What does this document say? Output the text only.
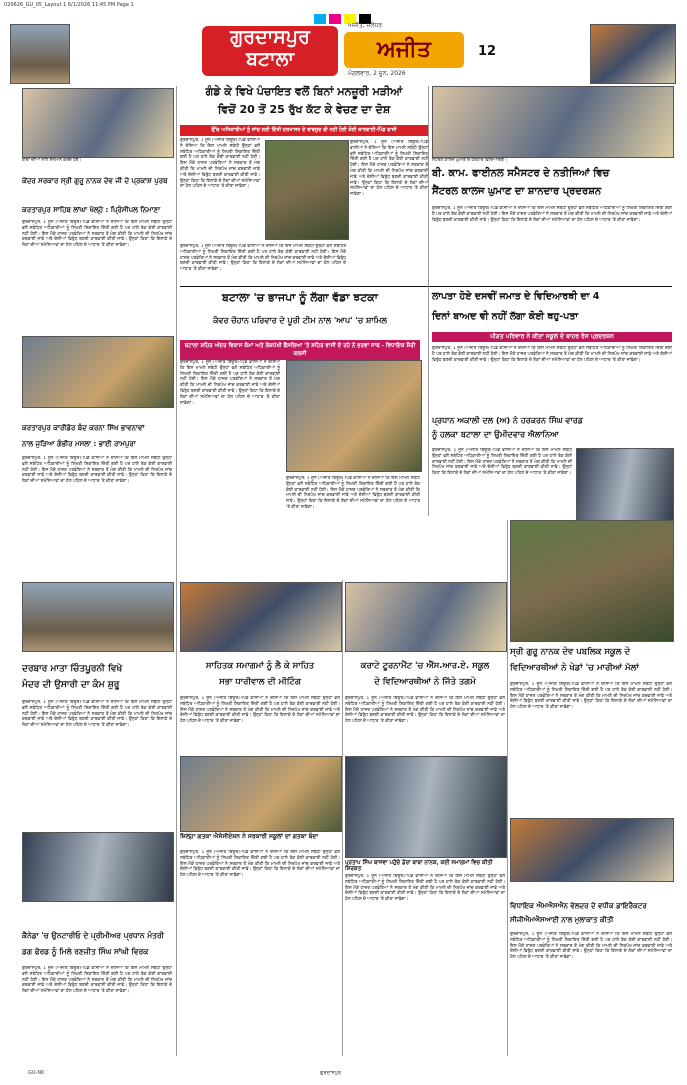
020626_GU_05_Layout 1 6/1/2026 11:45 PM Page 1
ਗੁਰਦਾਸਪੁਰ
ਬਟਾਲਾ
ਅਜੀਤ, ਜਲੰਧਰ
ਅਜੀਤ
ਮੰਗਲਵਾਰ, 2 ਜੂਨ, 2026
12
ਬਾਰਾਂ ਦੀਆਂ ਨਾਲ ਸਨਮਾਨ ਕਰਦੇ ਹੋਏ।
ਕੇਂਦਰ ਸਰਕਾਰ ਸ੍ਰੀ ਗੁਰੂ ਨਾਨਕ ਦੇਵ ਜੀ ਦੇ ਪ੍ਰਕਾਸ਼ ਪੁਰਬ
ਕਰਤਾਰਪੁਰ ਸਾਹਿਬ ਲਾਂਘਾ ਖੋਲ੍ਹੇ : ਪ੍ਰਿੰਸੀਪਲ ਨਿਮਾਣਾ
ਗੁਰਦਾਸਪੁਰ, 1 ਜੂਨ (ਅਜੀਤ ਬਿਊਰੋ)-ਪਿੰਡ ਵਾਸੀਆਂ ਨੇ ਦੱਸਿਆ ਕਿ ਇਸ ਮਾਮਲੇ ਸਬੰਧੀ ਉਨ੍ਹਾਂ ਵਲੋਂ ਸਬੰਧਿਤ ਅਧਿਕਾਰੀਆਂ ਨੂੰ ਲਿਖਤੀ ਸ਼ਿਕਾਇਤ ਦਿੱਤੀ ਗਈ ਹੈ ਪਰ ਹਾਲੇ ਤੱਕ ਕੋਈ ਕਾਰਵਾਈ ਨਹੀਂ ਹੋਈ। ਇਸ ਮੌਕੇ ਹਾਜ਼ਰ ਪਤਵੰਤਿਆਂ ਨੇ ਸਰਕਾਰ ਤੋਂ ਮੰਗ ਕੀਤੀ ਕਿ ਮਾਮਲੇ ਦੀ ਨਿਰਪੱਖ ਜਾਂਚ ਕਰਵਾਈ ਜਾਵੇ ਅਤੇ ਦੋਸ਼ੀਆਂ ਵਿਰੁੱਧ ਬਣਦੀ ਕਾਰਵਾਈ ਕੀਤੀ ਜਾਵੇ। ਉਨ੍ਹਾਂ ਕਿਹਾ ਕਿ ਇਲਾਕੇ ਦੇ ਲੋਕਾਂ ਦੀਆਂ ਸਮੱਸਿਆਵਾਂ ਦਾ ਹੱਲ ਪਹਿਲ ਦੇ ਆਧਾਰ 'ਤੇ ਕੀਤਾ ਜਾਵੇਗਾ।
ਗੰਡੇ ਕੇ ਵਿਖੇ ਪੰਚਾਇਤ ਵਲੋਂ ਬਿਨਾਂ ਮਨਜ਼ੂਰੀ ਮੜੀਆਂ
ਵਿਚੋਂ 20 ਤੋਂ 25 ਰੁੱਖ ਕੱਟ ਕੇ ਵੇਚਣ ਦਾ ਦੋਸ਼
ਉੱਚ ਅਧਿਕਾਰੀਆਂ ਨੂੰ ਜਾਂਚ ਲਈ ਦਿੱਤੀ ਦਰਖਾਸਤ ਦੇ ਬਾਵਜੂਦ ਵੀ ਨਹੀਂ ਹੋਈ ਕੋਈ ਕਾਰਵਾਈ-ਪਿੰਡ ਵਾਸੀ
ਗੁਰਦਾਸਪੁਰ, 1 ਜੂਨ (ਅਜੀਤ ਬਿਊਰੋ)-ਪਿੰਡ ਵਾਸੀਆਂ ਨੇ ਦੱਸਿਆ ਕਿ ਇਸ ਮਾਮਲੇ ਸਬੰਧੀ ਉਨ੍ਹਾਂ ਵਲੋਂ ਸਬੰਧਿਤ ਅਧਿਕਾਰੀਆਂ ਨੂੰ ਲਿਖਤੀ ਸ਼ਿਕਾਇਤ ਦਿੱਤੀ ਗਈ ਹੈ ਪਰ ਹਾਲੇ ਤੱਕ ਕੋਈ ਕਾਰਵਾਈ ਨਹੀਂ ਹੋਈ। ਇਸ ਮੌਕੇ ਹਾਜ਼ਰ ਪਤਵੰਤਿਆਂ ਨੇ ਸਰਕਾਰ ਤੋਂ ਮੰਗ ਕੀਤੀ ਕਿ ਮਾਮਲੇ ਦੀ ਨਿਰਪੱਖ ਜਾਂਚ ਕਰਵਾਈ ਜਾਵੇ ਅਤੇ ਦੋਸ਼ੀਆਂ ਵਿਰੁੱਧ ਬਣਦੀ ਕਾਰਵਾਈ ਕੀਤੀ ਜਾਵੇ। ਉਨ੍ਹਾਂ ਕਿਹਾ ਕਿ ਇਲਾਕੇ ਦੇ ਲੋਕਾਂ ਦੀਆਂ ਸਮੱਸਿਆਵਾਂ ਦਾ ਹੱਲ ਪਹਿਲ ਦੇ ਆਧਾਰ 'ਤੇ ਕੀਤਾ ਜਾਵੇਗਾ।
ਗੁਰਦਾਸਪੁਰ, 1 ਜੂਨ (ਅਜੀਤ ਬਿਊਰੋ)-ਪਿੰਡ ਵਾਸੀਆਂ ਨੇ ਦੱਸਿਆ ਕਿ ਇਸ ਮਾਮਲੇ ਸਬੰਧੀ ਉਨ੍ਹਾਂ ਵਲੋਂ ਸਬੰਧਿਤ ਅਧਿਕਾਰੀਆਂ ਨੂੰ ਲਿਖਤੀ ਸ਼ਿਕਾਇਤ ਦਿੱਤੀ ਗਈ ਹੈ ਪਰ ਹਾਲੇ ਤੱਕ ਕੋਈ ਕਾਰਵਾਈ ਨਹੀਂ ਹੋਈ। ਇਸ ਮੌਕੇ ਹਾਜ਼ਰ ਪਤਵੰਤਿਆਂ ਨੇ ਸਰਕਾਰ ਤੋਂ ਮੰਗ ਕੀਤੀ ਕਿ ਮਾਮਲੇ ਦੀ ਨਿਰਪੱਖ ਜਾਂਚ ਕਰਵਾਈ ਜਾਵੇ ਅਤੇ ਦੋਸ਼ੀਆਂ ਵਿਰੁੱਧ ਬਣਦੀ ਕਾਰਵਾਈ ਕੀਤੀ ਜਾਵੇ। ਉਨ੍ਹਾਂ ਕਿਹਾ ਕਿ ਇਲਾਕੇ ਦੇ ਲੋਕਾਂ ਦੀਆਂ ਸਮੱਸਿਆਵਾਂ ਦਾ ਹੱਲ ਪਹਿਲ ਦੇ ਆਧਾਰ 'ਤੇ ਕੀਤਾ ਜਾਵੇਗਾ।
ਗੁਰਦਾਸਪੁਰ, 1 ਜੂਨ (ਅਜੀਤ ਬਿਊਰੋ)-ਪਿੰਡ ਵਾਸੀਆਂ ਨੇ ਦੱਸਿਆ ਕਿ ਇਸ ਮਾਮਲੇ ਸਬੰਧੀ ਉਨ੍ਹਾਂ ਵਲੋਂ ਸਬੰਧਿਤ ਅਧਿਕਾਰੀਆਂ ਨੂੰ ਲਿਖਤੀ ਸ਼ਿਕਾਇਤ ਦਿੱਤੀ ਗਈ ਹੈ ਪਰ ਹਾਲੇ ਤੱਕ ਕੋਈ ਕਾਰਵਾਈ ਨਹੀਂ ਹੋਈ। ਇਸ ਮੌਕੇ ਹਾਜ਼ਰ ਪਤਵੰਤਿਆਂ ਨੇ ਸਰਕਾਰ ਤੋਂ ਮੰਗ ਕੀਤੀ ਕਿ ਮਾਮਲੇ ਦੀ ਨਿਰਪੱਖ ਜਾਂਚ ਕਰਵਾਈ ਜਾਵੇ ਅਤੇ ਦੋਸ਼ੀਆਂ ਵਿਰੁੱਧ ਬਣਦੀ ਕਾਰਵਾਈ ਕੀਤੀ ਜਾਵੇ। ਉਨ੍ਹਾਂ ਕਿਹਾ ਕਿ ਇਲਾਕੇ ਦੇ ਲੋਕਾਂ ਦੀਆਂ ਸਮੱਸਿਆਵਾਂ ਦਾ ਹੱਲ ਪਹਿਲ ਦੇ ਆਧਾਰ 'ਤੇ ਕੀਤਾ ਜਾਵੇਗਾ।
ਸੈਂਟਰਲ ਕਾਲਜ ਘੁਮਾਣ ਦੇ ਹੋਣਹਾਰ ਵਿਦਿਆਰਥੀ।
ਬੀ. ਕਾਮ. ਫਾਈਨਲ ਸਮੈਸਟਰ ਦੇ ਨਤੀਜਿਆਂ ਵਿਚ
ਸੈਂਟਰਲ ਕਾਲਜ ਘੁਮਾਣ ਦਾ ਸ਼ਾਨਦਾਰ ਪ੍ਰਦਰਸ਼ਨ
ਗੁਰਦਾਸਪੁਰ, 1 ਜੂਨ (ਅਜੀਤ ਬਿਊਰੋ)-ਪਿੰਡ ਵਾਸੀਆਂ ਨੇ ਦੱਸਿਆ ਕਿ ਇਸ ਮਾਮਲੇ ਸਬੰਧੀ ਉਨ੍ਹਾਂ ਵਲੋਂ ਸਬੰਧਿਤ ਅਧਿਕਾਰੀਆਂ ਨੂੰ ਲਿਖਤੀ ਸ਼ਿਕਾਇਤ ਦਿੱਤੀ ਗਈ ਹੈ ਪਰ ਹਾਲੇ ਤੱਕ ਕੋਈ ਕਾਰਵਾਈ ਨਹੀਂ ਹੋਈ। ਇਸ ਮੌਕੇ ਹਾਜ਼ਰ ਪਤਵੰਤਿਆਂ ਨੇ ਸਰਕਾਰ ਤੋਂ ਮੰਗ ਕੀਤੀ ਕਿ ਮਾਮਲੇ ਦੀ ਨਿਰਪੱਖ ਜਾਂਚ ਕਰਵਾਈ ਜਾਵੇ ਅਤੇ ਦੋਸ਼ੀਆਂ ਵਿਰੁੱਧ ਬਣਦੀ ਕਾਰਵਾਈ ਕੀਤੀ ਜਾਵੇ। ਉਨ੍ਹਾਂ ਕਿਹਾ ਕਿ ਇਲਾਕੇ ਦੇ ਲੋਕਾਂ ਦੀਆਂ ਸਮੱਸਿਆਵਾਂ ਦਾ ਹੱਲ ਪਹਿਲ ਦੇ ਆਧਾਰ 'ਤੇ ਕੀਤਾ ਜਾਵੇਗਾ।
ਬਟਾਲਾ 'ਚ ਭਾਜਪਾ ਨੂੰ ਲੱਗਾ ਵੱਡਾ ਝਟਕਾ
ਕੰਵਰ ਚੌਹਾਨ ਪਰਿਵਾਰ ਦੇ ਪੂਰੀ ਟੀਮ ਨਾਲ 'ਆਪ' 'ਚ ਸ਼ਾਮਿਲ
ਬਟਾਲਾ ਸ਼ਹਿਰ ਅੰਦਰ ਵਿਕਾਸ ਕੰਮਾਂ ਅਤੇ ਲੋਕਪੱਖੀ ਫੈਸਲਿਆਂ 'ਤੇ ਸ਼ਹਿਰ ਵਾਸੀ ਦੇ ਰਹੇ ਨੇ ਭਰਵਾਂ ਸਾਥ - ਵਿਧਾਇਕ ਸ਼ੈਰੀ ਕਲਸੀ
ਗੁਰਦਾਸਪੁਰ, 1 ਜੂਨ (ਅਜੀਤ ਬਿਊਰੋ)-ਪਿੰਡ ਵਾਸੀਆਂ ਨੇ ਦੱਸਿਆ ਕਿ ਇਸ ਮਾਮਲੇ ਸਬੰਧੀ ਉਨ੍ਹਾਂ ਵਲੋਂ ਸਬੰਧਿਤ ਅਧਿਕਾਰੀਆਂ ਨੂੰ ਲਿਖਤੀ ਸ਼ਿਕਾਇਤ ਦਿੱਤੀ ਗਈ ਹੈ ਪਰ ਹਾਲੇ ਤੱਕ ਕੋਈ ਕਾਰਵਾਈ ਨਹੀਂ ਹੋਈ। ਇਸ ਮੌਕੇ ਹਾਜ਼ਰ ਪਤਵੰਤਿਆਂ ਨੇ ਸਰਕਾਰ ਤੋਂ ਮੰਗ ਕੀਤੀ ਕਿ ਮਾਮਲੇ ਦੀ ਨਿਰਪੱਖ ਜਾਂਚ ਕਰਵਾਈ ਜਾਵੇ ਅਤੇ ਦੋਸ਼ੀਆਂ ਵਿਰੁੱਧ ਬਣਦੀ ਕਾਰਵਾਈ ਕੀਤੀ ਜਾਵੇ। ਉਨ੍ਹਾਂ ਕਿਹਾ ਕਿ ਇਲਾਕੇ ਦੇ ਲੋਕਾਂ ਦੀਆਂ ਸਮੱਸਿਆਵਾਂ ਦਾ ਹੱਲ ਪਹਿਲ ਦੇ ਆਧਾਰ 'ਤੇ ਕੀਤਾ ਜਾਵੇਗਾ।
ਗੁਰਦਾਸਪੁਰ, 1 ਜੂਨ (ਅਜੀਤ ਬਿਊਰੋ)-ਪਿੰਡ ਵਾਸੀਆਂ ਨੇ ਦੱਸਿਆ ਕਿ ਇਸ ਮਾਮਲੇ ਸਬੰਧੀ ਉਨ੍ਹਾਂ ਵਲੋਂ ਸਬੰਧਿਤ ਅਧਿਕਾਰੀਆਂ ਨੂੰ ਲਿਖਤੀ ਸ਼ਿਕਾਇਤ ਦਿੱਤੀ ਗਈ ਹੈ ਪਰ ਹਾਲੇ ਤੱਕ ਕੋਈ ਕਾਰਵਾਈ ਨਹੀਂ ਹੋਈ। ਇਸ ਮੌਕੇ ਹਾਜ਼ਰ ਪਤਵੰਤਿਆਂ ਨੇ ਸਰਕਾਰ ਤੋਂ ਮੰਗ ਕੀਤੀ ਕਿ ਮਾਮਲੇ ਦੀ ਨਿਰਪੱਖ ਜਾਂਚ ਕਰਵਾਈ ਜਾਵੇ ਅਤੇ ਦੋਸ਼ੀਆਂ ਵਿਰੁੱਧ ਬਣਦੀ ਕਾਰਵਾਈ ਕੀਤੀ ਜਾਵੇ। ਉਨ੍ਹਾਂ ਕਿਹਾ ਕਿ ਇਲਾਕੇ ਦੇ ਲੋਕਾਂ ਦੀਆਂ ਸਮੱਸਿਆਵਾਂ ਦਾ ਹੱਲ ਪਹਿਲ ਦੇ ਆਧਾਰ 'ਤੇ ਕੀਤਾ ਜਾਵੇਗਾ।
ਲਾਪਤਾ ਹੋਏ ਦਸਵੀਂ ਜਮਾਤ ਦੇ ਵਿਦਿਆਰਥੀ ਦਾ 4
ਦਿਨਾਂ ਬਾਅਦ ਵੀ ਨਹੀਂ ਲੱਗਾ ਕੋਈ ਥਹੁ-ਪਤਾ
ਪੀੜਤ ਪਰਿਵਾਰ ਨੇ ਕੀਤਾ ਸਕੂਲ ਦੇ ਬਾਹਰ ਰੋਸ ਪ੍ਰਦਰਸ਼ਨ
ਗੁਰਦਾਸਪੁਰ, 1 ਜੂਨ (ਅਜੀਤ ਬਿਊਰੋ)-ਪਿੰਡ ਵਾਸੀਆਂ ਨੇ ਦੱਸਿਆ ਕਿ ਇਸ ਮਾਮਲੇ ਸਬੰਧੀ ਉਨ੍ਹਾਂ ਵਲੋਂ ਸਬੰਧਿਤ ਅਧਿਕਾਰੀਆਂ ਨੂੰ ਲਿਖਤੀ ਸ਼ਿਕਾਇਤ ਦਿੱਤੀ ਗਈ ਹੈ ਪਰ ਹਾਲੇ ਤੱਕ ਕੋਈ ਕਾਰਵਾਈ ਨਹੀਂ ਹੋਈ। ਇਸ ਮੌਕੇ ਹਾਜ਼ਰ ਪਤਵੰਤਿਆਂ ਨੇ ਸਰਕਾਰ ਤੋਂ ਮੰਗ ਕੀਤੀ ਕਿ ਮਾਮਲੇ ਦੀ ਨਿਰਪੱਖ ਜਾਂਚ ਕਰਵਾਈ ਜਾਵੇ ਅਤੇ ਦੋਸ਼ੀਆਂ ਵਿਰੁੱਧ ਬਣਦੀ ਕਾਰਵਾਈ ਕੀਤੀ ਜਾਵੇ। ਉਨ੍ਹਾਂ ਕਿਹਾ ਕਿ ਇਲਾਕੇ ਦੇ ਲੋਕਾਂ ਦੀਆਂ ਸਮੱਸਿਆਵਾਂ ਦਾ ਹੱਲ ਪਹਿਲ ਦੇ ਆਧਾਰ 'ਤੇ ਕੀਤਾ ਜਾਵੇਗਾ।
ਪ੍ਰਧਾਨ ਅਕਾਲੀ ਦਲ (ਅ) ਨੇ ਹਰਕਰਨ ਸਿੰਘ ਵਾਰਡ
ਨੂੰ ਹਲਕਾ ਬਟਾਲਾ ਦਾ ਉਮੀਦਵਾਰ ਐਲਾਨਿਆ
ਗੁਰਦਾਸਪੁਰ, 1 ਜੂਨ (ਅਜੀਤ ਬਿਊਰੋ)-ਪਿੰਡ ਵਾਸੀਆਂ ਨੇ ਦੱਸਿਆ ਕਿ ਇਸ ਮਾਮਲੇ ਸਬੰਧੀ ਉਨ੍ਹਾਂ ਵਲੋਂ ਸਬੰਧਿਤ ਅਧਿਕਾਰੀਆਂ ਨੂੰ ਲਿਖਤੀ ਸ਼ਿਕਾਇਤ ਦਿੱਤੀ ਗਈ ਹੈ ਪਰ ਹਾਲੇ ਤੱਕ ਕੋਈ ਕਾਰਵਾਈ ਨਹੀਂ ਹੋਈ। ਇਸ ਮੌਕੇ ਹਾਜ਼ਰ ਪਤਵੰਤਿਆਂ ਨੇ ਸਰਕਾਰ ਤੋਂ ਮੰਗ ਕੀਤੀ ਕਿ ਮਾਮਲੇ ਦੀ ਨਿਰਪੱਖ ਜਾਂਚ ਕਰਵਾਈ ਜਾਵੇ ਅਤੇ ਦੋਸ਼ੀਆਂ ਵਿਰੁੱਧ ਬਣਦੀ ਕਾਰਵਾਈ ਕੀਤੀ ਜਾਵੇ। ਉਨ੍ਹਾਂ ਕਿਹਾ ਕਿ ਇਲਾਕੇ ਦੇ ਲੋਕਾਂ ਦੀਆਂ ਸਮੱਸਿਆਵਾਂ ਦਾ ਹੱਲ ਪਹਿਲ ਦੇ ਆਧਾਰ 'ਤੇ ਕੀਤਾ ਜਾਵੇਗਾ।
ਕਰਤਾਰਪੁਰ ਕਾਰੀਡੋਰ ਬੰਦ ਕਰਨਾ ਸਿੱਖ ਭਾਵਨਾਵਾਂ
ਨਾਲ ਜੁੜਿਆ ਗੰਭੀਰ ਮਸਲਾ : ਭਾਈ ਰਾਮਪੁਰਾ
ਗੁਰਦਾਸਪੁਰ, 1 ਜੂਨ (ਅਜੀਤ ਬਿਊਰੋ)-ਪਿੰਡ ਵਾਸੀਆਂ ਨੇ ਦੱਸਿਆ ਕਿ ਇਸ ਮਾਮਲੇ ਸਬੰਧੀ ਉਨ੍ਹਾਂ ਵਲੋਂ ਸਬੰਧਿਤ ਅਧਿਕਾਰੀਆਂ ਨੂੰ ਲਿਖਤੀ ਸ਼ਿਕਾਇਤ ਦਿੱਤੀ ਗਈ ਹੈ ਪਰ ਹਾਲੇ ਤੱਕ ਕੋਈ ਕਾਰਵਾਈ ਨਹੀਂ ਹੋਈ। ਇਸ ਮੌਕੇ ਹਾਜ਼ਰ ਪਤਵੰਤਿਆਂ ਨੇ ਸਰਕਾਰ ਤੋਂ ਮੰਗ ਕੀਤੀ ਕਿ ਮਾਮਲੇ ਦੀ ਨਿਰਪੱਖ ਜਾਂਚ ਕਰਵਾਈ ਜਾਵੇ ਅਤੇ ਦੋਸ਼ੀਆਂ ਵਿਰੁੱਧ ਬਣਦੀ ਕਾਰਵਾਈ ਕੀਤੀ ਜਾਵੇ। ਉਨ੍ਹਾਂ ਕਿਹਾ ਕਿ ਇਲਾਕੇ ਦੇ ਲੋਕਾਂ ਦੀਆਂ ਸਮੱਸਿਆਵਾਂ ਦਾ ਹੱਲ ਪਹਿਲ ਦੇ ਆਧਾਰ 'ਤੇ ਕੀਤਾ ਜਾਵੇਗਾ।
ਦਰਬਾਰ ਮਾਤਾ ਚਿੰਤਪੂਰਨੀ ਵਿਖੇ
ਮੰਦਰ ਦੀ ਉਸਾਰੀ ਦਾ ਕੰਮ ਸ਼ੁਰੂ
ਗੁਰਦਾਸਪੁਰ, 1 ਜੂਨ (ਅਜੀਤ ਬਿਊਰੋ)-ਪਿੰਡ ਵਾਸੀਆਂ ਨੇ ਦੱਸਿਆ ਕਿ ਇਸ ਮਾਮਲੇ ਸਬੰਧੀ ਉਨ੍ਹਾਂ ਵਲੋਂ ਸਬੰਧਿਤ ਅਧਿਕਾਰੀਆਂ ਨੂੰ ਲਿਖਤੀ ਸ਼ਿਕਾਇਤ ਦਿੱਤੀ ਗਈ ਹੈ ਪਰ ਹਾਲੇ ਤੱਕ ਕੋਈ ਕਾਰਵਾਈ ਨਹੀਂ ਹੋਈ। ਇਸ ਮੌਕੇ ਹਾਜ਼ਰ ਪਤਵੰਤਿਆਂ ਨੇ ਸਰਕਾਰ ਤੋਂ ਮੰਗ ਕੀਤੀ ਕਿ ਮਾਮਲੇ ਦੀ ਨਿਰਪੱਖ ਜਾਂਚ ਕਰਵਾਈ ਜਾਵੇ ਅਤੇ ਦੋਸ਼ੀਆਂ ਵਿਰੁੱਧ ਬਣਦੀ ਕਾਰਵਾਈ ਕੀਤੀ ਜਾਵੇ। ਉਨ੍ਹਾਂ ਕਿਹਾ ਕਿ ਇਲਾਕੇ ਦੇ ਲੋਕਾਂ ਦੀਆਂ ਸਮੱਸਿਆਵਾਂ ਦਾ ਹੱਲ ਪਹਿਲ ਦੇ ਆਧਾਰ 'ਤੇ ਕੀਤਾ ਜਾਵੇਗਾ।
ਸਾਹਿਤਕ ਸਮਾਗਮਾਂ ਨੂੰ ਲੈ ਕੇ ਸਾਹਿਤ
ਸਭਾ ਧਾਰੀਵਾਲ ਦੀ ਮੀਟਿੰਗ
ਗੁਰਦਾਸਪੁਰ, 1 ਜੂਨ (ਅਜੀਤ ਬਿਊਰੋ)-ਪਿੰਡ ਵਾਸੀਆਂ ਨੇ ਦੱਸਿਆ ਕਿ ਇਸ ਮਾਮਲੇ ਸਬੰਧੀ ਉਨ੍ਹਾਂ ਵਲੋਂ ਸਬੰਧਿਤ ਅਧਿਕਾਰੀਆਂ ਨੂੰ ਲਿਖਤੀ ਸ਼ਿਕਾਇਤ ਦਿੱਤੀ ਗਈ ਹੈ ਪਰ ਹਾਲੇ ਤੱਕ ਕੋਈ ਕਾਰਵਾਈ ਨਹੀਂ ਹੋਈ। ਇਸ ਮੌਕੇ ਹਾਜ਼ਰ ਪਤਵੰਤਿਆਂ ਨੇ ਸਰਕਾਰ ਤੋਂ ਮੰਗ ਕੀਤੀ ਕਿ ਮਾਮਲੇ ਦੀ ਨਿਰਪੱਖ ਜਾਂਚ ਕਰਵਾਈ ਜਾਵੇ ਅਤੇ ਦੋਸ਼ੀਆਂ ਵਿਰੁੱਧ ਬਣਦੀ ਕਾਰਵਾਈ ਕੀਤੀ ਜਾਵੇ। ਉਨ੍ਹਾਂ ਕਿਹਾ ਕਿ ਇਲਾਕੇ ਦੇ ਲੋਕਾਂ ਦੀਆਂ ਸਮੱਸਿਆਵਾਂ ਦਾ ਹੱਲ ਪਹਿਲ ਦੇ ਆਧਾਰ 'ਤੇ ਕੀਤਾ ਜਾਵੇਗਾ।
ਜ਼ਿਲ੍ਹਾ ਗਤਕਾ ਐਸੋਸੀਏਸ਼ਨ ਨੇ ਸਰਕਾਰੀ ਸਕੂਲਾਂ ਦਾ ਗਤਕਾ ਬੰਦਾ
ਗੁਰਦਾਸਪੁਰ, 1 ਜੂਨ (ਅਜੀਤ ਬਿਊਰੋ)-ਪਿੰਡ ਵਾਸੀਆਂ ਨੇ ਦੱਸਿਆ ਕਿ ਇਸ ਮਾਮਲੇ ਸਬੰਧੀ ਉਨ੍ਹਾਂ ਵਲੋਂ ਸਬੰਧਿਤ ਅਧਿਕਾਰੀਆਂ ਨੂੰ ਲਿਖਤੀ ਸ਼ਿਕਾਇਤ ਦਿੱਤੀ ਗਈ ਹੈ ਪਰ ਹਾਲੇ ਤੱਕ ਕੋਈ ਕਾਰਵਾਈ ਨਹੀਂ ਹੋਈ। ਇਸ ਮੌਕੇ ਹਾਜ਼ਰ ਪਤਵੰਤਿਆਂ ਨੇ ਸਰਕਾਰ ਤੋਂ ਮੰਗ ਕੀਤੀ ਕਿ ਮਾਮਲੇ ਦੀ ਨਿਰਪੱਖ ਜਾਂਚ ਕਰਵਾਈ ਜਾਵੇ ਅਤੇ ਦੋਸ਼ੀਆਂ ਵਿਰੁੱਧ ਬਣਦੀ ਕਾਰਵਾਈ ਕੀਤੀ ਜਾਵੇ। ਉਨ੍ਹਾਂ ਕਿਹਾ ਕਿ ਇਲਾਕੇ ਦੇ ਲੋਕਾਂ ਦੀਆਂ ਸਮੱਸਿਆਵਾਂ ਦਾ ਹੱਲ ਪਹਿਲ ਦੇ ਆਧਾਰ 'ਤੇ ਕੀਤਾ ਜਾਵੇਗਾ।
ਕਰਾਟੇ ਟੂਰਨਾਮੈਂਟ 'ਚ ਐੱਸ.ਆਰ.ਏ. ਸਕੂਲ
ਦੇ ਵਿਦਿਆਰਥੀਆਂ ਨੇ ਜਿੱਤੇ ਤਗਮੇ
ਗੁਰਦਾਸਪੁਰ, 1 ਜੂਨ (ਅਜੀਤ ਬਿਊਰੋ)-ਪਿੰਡ ਵਾਸੀਆਂ ਨੇ ਦੱਸਿਆ ਕਿ ਇਸ ਮਾਮਲੇ ਸਬੰਧੀ ਉਨ੍ਹਾਂ ਵਲੋਂ ਸਬੰਧਿਤ ਅਧਿਕਾਰੀਆਂ ਨੂੰ ਲਿਖਤੀ ਸ਼ਿਕਾਇਤ ਦਿੱਤੀ ਗਈ ਹੈ ਪਰ ਹਾਲੇ ਤੱਕ ਕੋਈ ਕਾਰਵਾਈ ਨਹੀਂ ਹੋਈ। ਇਸ ਮੌਕੇ ਹਾਜ਼ਰ ਪਤਵੰਤਿਆਂ ਨੇ ਸਰਕਾਰ ਤੋਂ ਮੰਗ ਕੀਤੀ ਕਿ ਮਾਮਲੇ ਦੀ ਨਿਰਪੱਖ ਜਾਂਚ ਕਰਵਾਈ ਜਾਵੇ ਅਤੇ ਦੋਸ਼ੀਆਂ ਵਿਰੁੱਧ ਬਣਦੀ ਕਾਰਵਾਈ ਕੀਤੀ ਜਾਵੇ। ਉਨ੍ਹਾਂ ਕਿਹਾ ਕਿ ਇਲਾਕੇ ਦੇ ਲੋਕਾਂ ਦੀਆਂ ਸਮੱਸਿਆਵਾਂ ਦਾ ਹੱਲ ਪਹਿਲ ਦੇ ਆਧਾਰ 'ਤੇ ਕੀਤਾ ਜਾਵੇਗਾ।
ਪ੍ਰਤਾਪ ਸਿੰਘ ਬਾਜਵਾ ਪਹੁੰਚੇ ਡੇਰਾ ਬਾਬਾ ਨਾਨਕ, ਕਈ ਸਮਾਗਮਾਂ ਵਿਚ ਕੀਤੀ ਸ਼ਿਰਕਤ
ਗੁਰਦਾਸਪੁਰ, 1 ਜੂਨ (ਅਜੀਤ ਬਿਊਰੋ)-ਪਿੰਡ ਵਾਸੀਆਂ ਨੇ ਦੱਸਿਆ ਕਿ ਇਸ ਮਾਮਲੇ ਸਬੰਧੀ ਉਨ੍ਹਾਂ ਵਲੋਂ ਸਬੰਧਿਤ ਅਧਿਕਾਰੀਆਂ ਨੂੰ ਲਿਖਤੀ ਸ਼ਿਕਾਇਤ ਦਿੱਤੀ ਗਈ ਹੈ ਪਰ ਹਾਲੇ ਤੱਕ ਕੋਈ ਕਾਰਵਾਈ ਨਹੀਂ ਹੋਈ। ਇਸ ਮੌਕੇ ਹਾਜ਼ਰ ਪਤਵੰਤਿਆਂ ਨੇ ਸਰਕਾਰ ਤੋਂ ਮੰਗ ਕੀਤੀ ਕਿ ਮਾਮਲੇ ਦੀ ਨਿਰਪੱਖ ਜਾਂਚ ਕਰਵਾਈ ਜਾਵੇ ਅਤੇ ਦੋਸ਼ੀਆਂ ਵਿਰੁੱਧ ਬਣਦੀ ਕਾਰਵਾਈ ਕੀਤੀ ਜਾਵੇ। ਉਨ੍ਹਾਂ ਕਿਹਾ ਕਿ ਇਲਾਕੇ ਦੇ ਲੋਕਾਂ ਦੀਆਂ ਸਮੱਸਿਆਵਾਂ ਦਾ ਹੱਲ ਪਹਿਲ ਦੇ ਆਧਾਰ 'ਤੇ ਕੀਤਾ ਜਾਵੇਗਾ।
ਸ੍ਰੀ ਗੁਰੂ ਨਾਨਕ ਦੇਵ ਪਬਲਿਕ ਸਕੂਲ ਦੇ
ਵਿਦਿਆਰਥੀਆਂ ਨੇ ਖੇਡਾਂ 'ਚ ਮਾਰੀਆਂ ਮੱਲਾਂ
ਗੁਰਦਾਸਪੁਰ, 1 ਜੂਨ (ਅਜੀਤ ਬਿਊਰੋ)-ਪਿੰਡ ਵਾਸੀਆਂ ਨੇ ਦੱਸਿਆ ਕਿ ਇਸ ਮਾਮਲੇ ਸਬੰਧੀ ਉਨ੍ਹਾਂ ਵਲੋਂ ਸਬੰਧਿਤ ਅਧਿਕਾਰੀਆਂ ਨੂੰ ਲਿਖਤੀ ਸ਼ਿਕਾਇਤ ਦਿੱਤੀ ਗਈ ਹੈ ਪਰ ਹਾਲੇ ਤੱਕ ਕੋਈ ਕਾਰਵਾਈ ਨਹੀਂ ਹੋਈ। ਇਸ ਮੌਕੇ ਹਾਜ਼ਰ ਪਤਵੰਤਿਆਂ ਨੇ ਸਰਕਾਰ ਤੋਂ ਮੰਗ ਕੀਤੀ ਕਿ ਮਾਮਲੇ ਦੀ ਨਿਰਪੱਖ ਜਾਂਚ ਕਰਵਾਈ ਜਾਵੇ ਅਤੇ ਦੋਸ਼ੀਆਂ ਵਿਰੁੱਧ ਬਣਦੀ ਕਾਰਵਾਈ ਕੀਤੀ ਜਾਵੇ। ਉਨ੍ਹਾਂ ਕਿਹਾ ਕਿ ਇਲਾਕੇ ਦੇ ਲੋਕਾਂ ਦੀਆਂ ਸਮੱਸਿਆਵਾਂ ਦਾ ਹੱਲ ਪਹਿਲ ਦੇ ਆਧਾਰ 'ਤੇ ਕੀਤਾ ਜਾਵੇਗਾ।
ਵਿਧਾਇਕ ਐਮਐਸਐਨ ਵੇਲਦਰ ਦੇ ਵਧੀਕ ਡਾਇਰੈਕਟਰ
ਸੀਜੀਐਮਐਸਆਈ ਨਾਲ ਮੁਲਾਕਾਤ ਕੀਤੀ
ਗੁਰਦਾਸਪੁਰ, 1 ਜੂਨ (ਅਜੀਤ ਬਿਊਰੋ)-ਪਿੰਡ ਵਾਸੀਆਂ ਨੇ ਦੱਸਿਆ ਕਿ ਇਸ ਮਾਮਲੇ ਸਬੰਧੀ ਉਨ੍ਹਾਂ ਵਲੋਂ ਸਬੰਧਿਤ ਅਧਿਕਾਰੀਆਂ ਨੂੰ ਲਿਖਤੀ ਸ਼ਿਕਾਇਤ ਦਿੱਤੀ ਗਈ ਹੈ ਪਰ ਹਾਲੇ ਤੱਕ ਕੋਈ ਕਾਰਵਾਈ ਨਹੀਂ ਹੋਈ। ਇਸ ਮੌਕੇ ਹਾਜ਼ਰ ਪਤਵੰਤਿਆਂ ਨੇ ਸਰਕਾਰ ਤੋਂ ਮੰਗ ਕੀਤੀ ਕਿ ਮਾਮਲੇ ਦੀ ਨਿਰਪੱਖ ਜਾਂਚ ਕਰਵਾਈ ਜਾਵੇ ਅਤੇ ਦੋਸ਼ੀਆਂ ਵਿਰੁੱਧ ਬਣਦੀ ਕਾਰਵਾਈ ਕੀਤੀ ਜਾਵੇ। ਉਨ੍ਹਾਂ ਕਿਹਾ ਕਿ ਇਲਾਕੇ ਦੇ ਲੋਕਾਂ ਦੀਆਂ ਸਮੱਸਿਆਵਾਂ ਦਾ ਹੱਲ ਪਹਿਲ ਦੇ ਆਧਾਰ 'ਤੇ ਕੀਤਾ ਜਾਵੇਗਾ।
ਕੈਨੇਡਾ 'ਚ ਉਨਟਾਰੀਓ ਦੇ ਪ੍ਰੀਮੀਅਰ ਪ੍ਰਧਾਨ ਮੰਤਰੀ
ਡਗ ਫੋਰਡ ਨੂੰ ਮਿਲੇ ਰਣਜੀਤ ਸਿੰਘ ਸਾਂਘੀ ਵਿਰਕ
ਗੁਰਦਾਸਪੁਰ, 1 ਜੂਨ (ਅਜੀਤ ਬਿਊਰੋ)-ਪਿੰਡ ਵਾਸੀਆਂ ਨੇ ਦੱਸਿਆ ਕਿ ਇਸ ਮਾਮਲੇ ਸਬੰਧੀ ਉਨ੍ਹਾਂ ਵਲੋਂ ਸਬੰਧਿਤ ਅਧਿਕਾਰੀਆਂ ਨੂੰ ਲਿਖਤੀ ਸ਼ਿਕਾਇਤ ਦਿੱਤੀ ਗਈ ਹੈ ਪਰ ਹਾਲੇ ਤੱਕ ਕੋਈ ਕਾਰਵਾਈ ਨਹੀਂ ਹੋਈ। ਇਸ ਮੌਕੇ ਹਾਜ਼ਰ ਪਤਵੰਤਿਆਂ ਨੇ ਸਰਕਾਰ ਤੋਂ ਮੰਗ ਕੀਤੀ ਕਿ ਮਾਮਲੇ ਦੀ ਨਿਰਪੱਖ ਜਾਂਚ ਕਰਵਾਈ ਜਾਵੇ ਅਤੇ ਦੋਸ਼ੀਆਂ ਵਿਰੁੱਧ ਬਣਦੀ ਕਾਰਵਾਈ ਕੀਤੀ ਜਾਵੇ। ਉਨ੍ਹਾਂ ਕਿਹਾ ਕਿ ਇਲਾਕੇ ਦੇ ਲੋਕਾਂ ਦੀਆਂ ਸਮੱਸਿਆਵਾਂ ਦਾ ਹੱਲ ਪਹਿਲ ਦੇ ਆਧਾਰ 'ਤੇ ਕੀਤਾ ਜਾਵੇਗਾ।
GU-NK	ਗੁਰਦਾਸਪੁਰ
